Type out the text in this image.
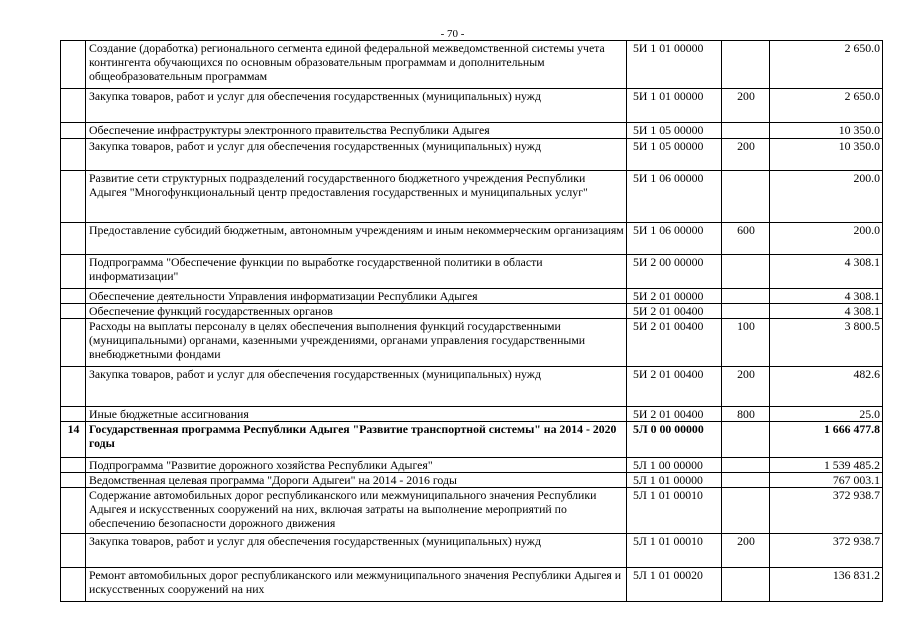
- 70 -
	Создание (доработка) регионального сегмента единой федеральной межведомственной системы учета контингента обучающихся по основным образовательным программам и дополнительным общеобразовательным программам	5И 1 01 00000		2 650.0
	Закупка товаров, работ и услуг для обеспечения государственных (муниципальных) нужд	5И 1 01 00000	200	2 650.0
	Обеспечение инфраструктуры электронного правительства Республики Адыгея	5И 1 05 00000		10 350.0
	Закупка товаров, работ и услуг для обеспечения государственных (муниципальных) нужд	5И 1 05 00000	200	10 350.0
	Развитие сети структурных подразделений государственного бюджетного учреждения Республики Адыгея "Многофункциональный центр предоставления государственных и муниципальных услуг"	5И 1 06 00000		200.0
	Предоставление субсидий бюджетным, автономным учреждениям и иным некоммерческим организациям	5И 1 06 00000	600	200.0
	Подпрограмма "Обеспечение функции по выработке государственной политики в области информатизации"	5И 2 00 00000		4 308.1
	Обеспечение деятельности Управления информатизации Республики Адыгея	5И 2 01 00000		4 308.1
	Обеспечение функций государственных органов	5И 2 01 00400		4 308.1
	Расходы на выплаты персоналу в целях обеспечения выполнения функций государственными (муниципальными) органами, казенными учреждениями, органами управления государственными внебюджетными фондами	5И 2 01 00400	100	3 800.5
	Закупка товаров, работ и услуг для обеспечения государственных (муниципальных) нужд	5И 2 01 00400	200	482.6
	Иные бюджетные ассигнования	5И 2 01 00400	800	25.0
14	Государственная программа Республики Адыгея "Развитие транспортной системы" на 2014 - 2020 годы	5Л 0 00 00000		1 666 477.8
	Подпрограмма "Развитие дорожного хозяйства Республики Адыгея"	5Л 1 00 00000		1 539 485.2
	Ведомственная целевая программа "Дороги Адыгеи" на 2014 - 2016 годы	5Л 1 01 00000		767 003.1
	Содержание автомобильных дорог республиканского или межмуниципального значения Республики Адыгея и искусственных сооружений на них, включая затраты на выполнение мероприятий по обеспечению безопасности дорожного движения	5Л 1 01 00010		372 938.7
	Закупка товаров, работ и услуг для обеспечения государственных (муниципальных) нужд	5Л 1 01 00010	200	372 938.7
	Ремонт автомобильных дорог республиканского или межмуниципального значения Республики Адыгея и искусственных сооружений на них	5Л 1 01 00020		136 831.2
